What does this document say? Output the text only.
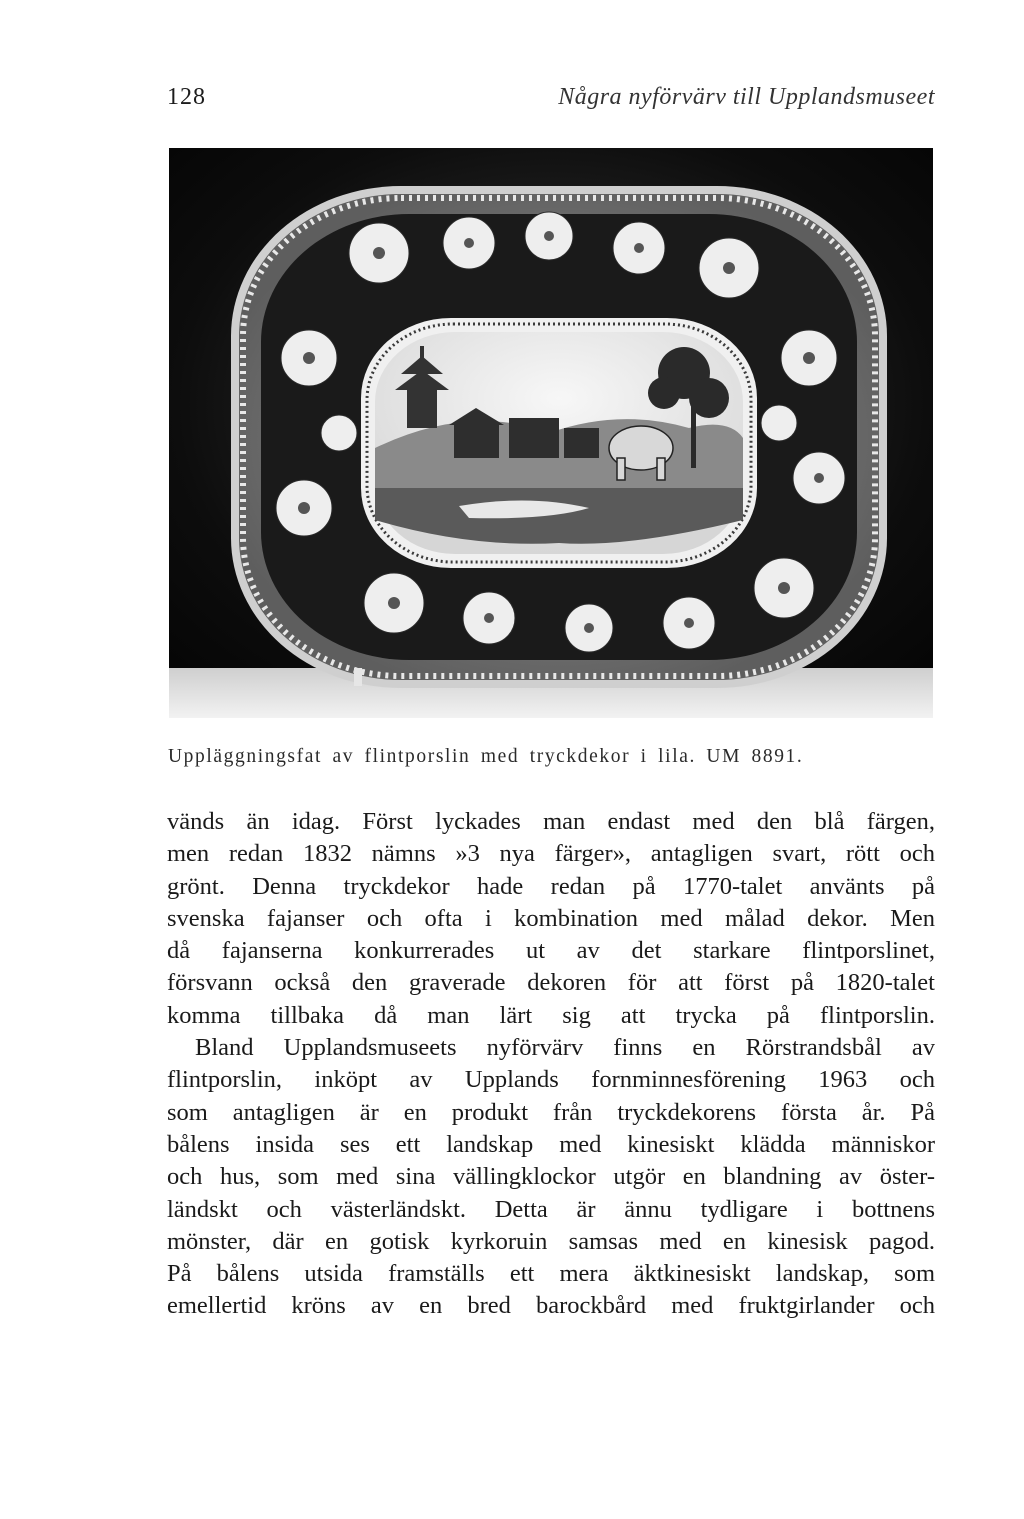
128	Några nyförvärv till Upplandsmuseet
Uppläggningsfat av flintporslin med tryckdekor i lila. UM 8891.

vänds än idag. Först lyckades man endast med den blå färgen,
men redan 1832 nämns »3 nya färger», antagligen svart, rött och
grönt. Denna tryckdekor hade redan på 1770-talet använts på
svenska fajanser och ofta i kombination med målad dekor. Men
då fajanserna konkurrerades ut av det starkare flintporslinet,
försvann också den graverade dekoren för att först på 1820-talet
komma tillbaka då man lärt sig att trycka på flintporslin.

Bland Upplandsmuseets nyförvärv finns en Rörstrandsbål av
flintporslin, inköpt av Upplands fornminnesförening 1963 och
som antagligen är en produkt från tryckdekorens första år. På
bålens insida ses ett landskap med kinesiskt klädda människor
och hus, som med sina vällingklockor utgör en blandning av öster-
ländskt och västerländskt. Detta är ännu tydligare i bottnens
mönster, där en gotisk kyrkoruin samsas med en kinesisk pagod.
På bålens utsida framställs ett mera äktkinesiskt landskap, som
emellertid kröns av en bred barockbård med fruktgirlander och
